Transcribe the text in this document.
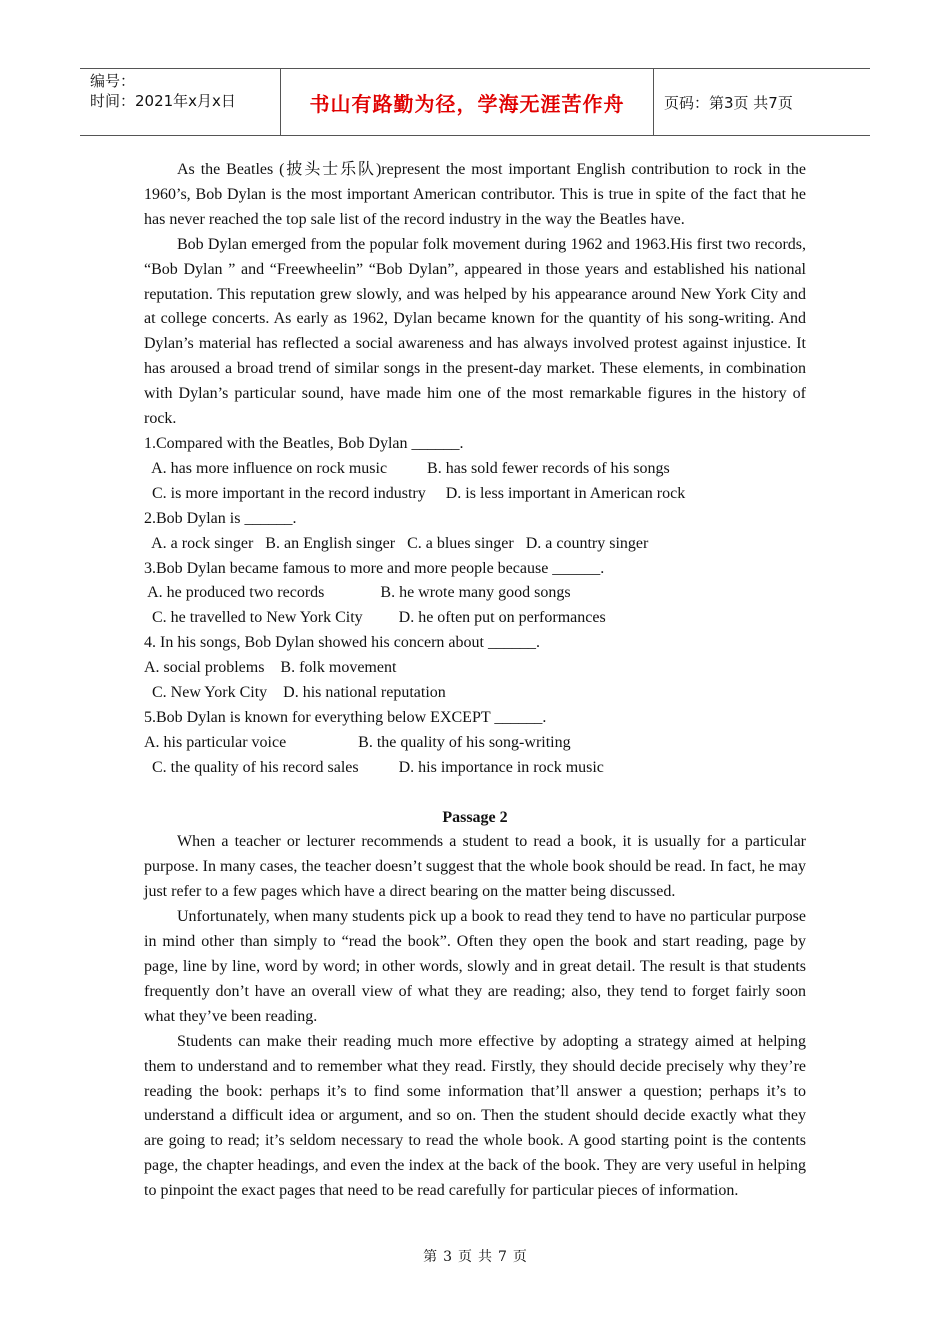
编号：
时间：2021年x月x日	书山有路勤为径，学海无涯苦作舟	页码：第3页 共7页

As the Beatles (披头士乐队)represent the most important English contribution to rock in the 1960’s, Bob Dylan is the most important American contributor. This is true in spite of the fact that he has never reached the top sale list of the record industry in the way the Beatles have.

Bob Dylan emerged from the popular folk movement during 1962 and 1963.His first two records, “Bob Dylan ” and “Freewheelin” “Bob Dylan”, appeared in those years and established his national reputation. This reputation grew slowly, and was helped by his appearance around New York City and at college concerts. As early as 1962, Dylan became known for the quantity of his song-writing. And Dylan’s material has reflected a social awareness and has always involved protest against injustice. It has aroused a broad trend of similar songs in the present-day market. These elements, in combination with Dylan’s particular sound, have made him one of the most remarkable figures in the history of rock.

1.Compared with the Beatles, Bob Dylan ______.

A. has more influence on rock music          B. has sold fewer records of his songs

C. is more important in the record industry     D. is less important in American rock

2.Bob Dylan is ______.

A. a rock singer   B. an English singer   C. a blues singer   D. a country singer

3.Bob Dylan became famous to more and more people because ______.

A. he produced two records              B. he wrote many good songs

C. he travelled to New York City         D. he often put on performances

4. In his songs, Bob Dylan showed his concern about ______.

A. social problems    B. folk movement

C. New York City    D. his national reputation

5.Bob Dylan is known for everything below EXCEPT ______.

A. his particular voice                  B. the quality of his song-writing

C. the quality of his record sales          D. his importance in rock music

Passage 2

When a teacher or lecturer recommends a student to read a book, it is usually for a particular purpose. In many cases, the teacher doesn’t suggest that the whole book should be read. In fact, he may just refer to a few pages which have a direct bearing on the matter being discussed.

Unfortunately, when many students pick up a book to read they tend to have no particular purpose in mind other than simply to “read the book”. Often they open the book and start reading, page by page, line by line, word by word; in other words, slowly and in great detail. The result is that students frequently don’t have an overall view of what they are reading; also, they tend to forget fairly soon what they’ve been reading.

Students can make their reading much more effective by adopting a strategy aimed at helping them to understand and to remember what they read. Firstly, they should decide precisely why they’re reading the book: perhaps it’s to find some information that’ll answer a question; perhaps it’s to understand a difficult idea or argument, and so on. Then the student should decide exactly what they are going to read; it’s seldom necessary to read the whole book. A good starting point is the contents page, the chapter headings, and even the index at the back of the book. They are very useful in helping to pinpoint the exact pages that need to be read carefully for particular pieces of information.

第 3 页 共 7 页
